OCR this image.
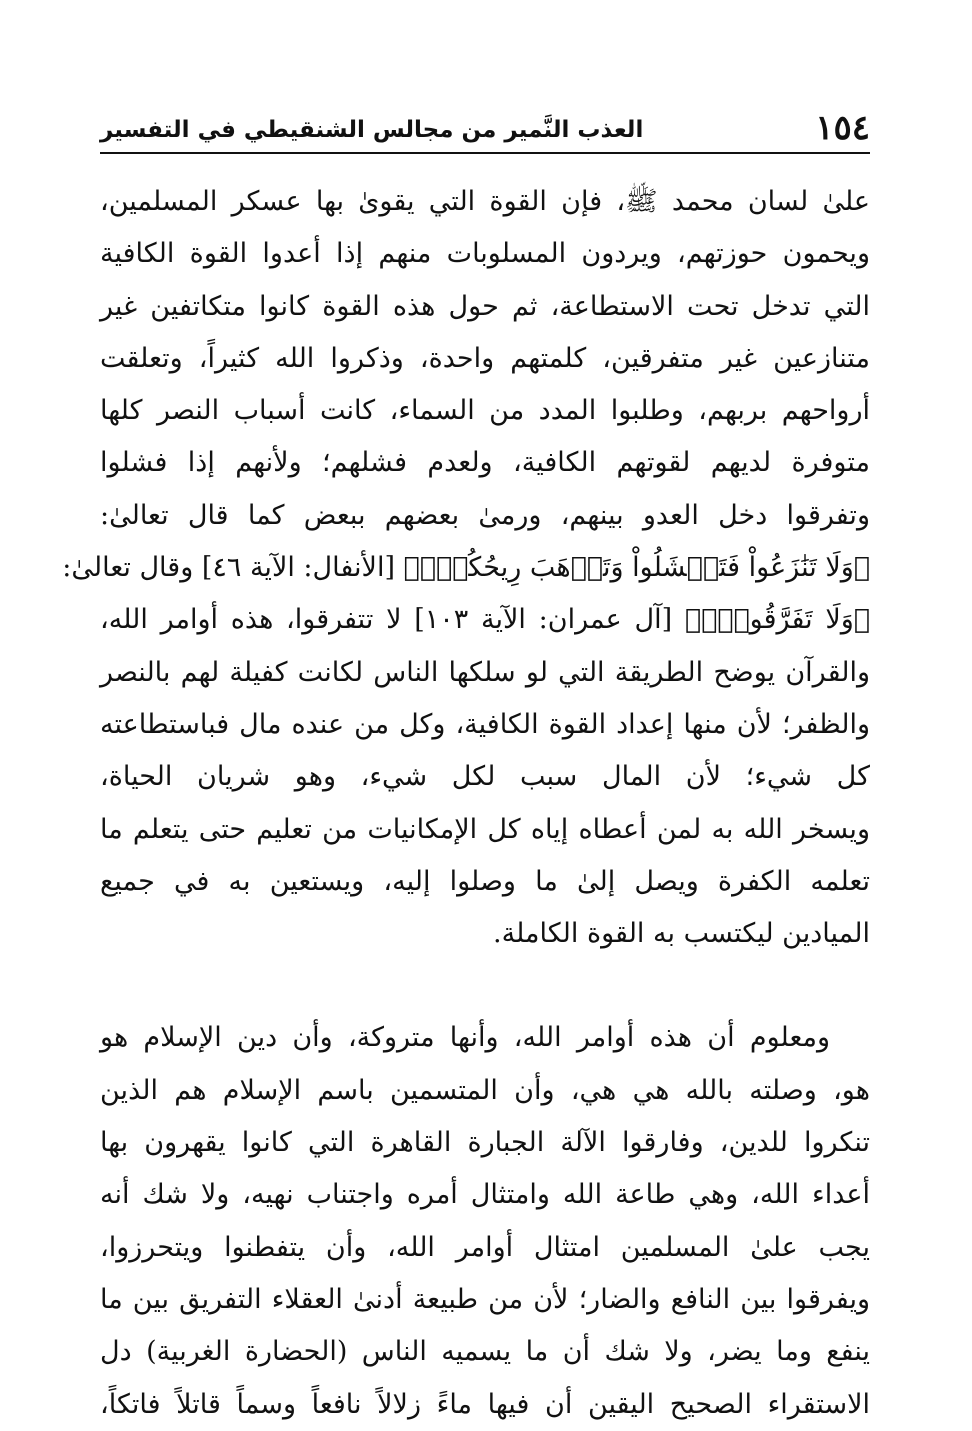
١٥٤
العذب النَّمير من مجالس الشنقيطي في التفسير
علىٰ لسان محمد ﷺ، فإن القوة التي يقوىٰ بها عسكر المسلمين،
ويحمون حوزتهم، ويردون المسلوبات منهم إذا أعدوا القوة الكافية
التي تدخل تحت الاستطاعة، ثم حول هذه القوة كانوا متكاتفين غير
متنازعين غير متفرقين، كلمتهم واحدة، وذكروا الله كثيراً، وتعلقت
أرواحهم بربهم، وطلبوا المدد من السماء، كانت أسباب النصر كلها
متوفرة لديهم لقوتهم الكافية، ولعدم فشلهم؛ ولأنهم إذا فشلوا
وتفرقوا دخل العدو بينهم، ورمىٰ بعضهم ببعض كما قال تعالىٰ:
﴿وَلَا تَنَٰزَعُواْ فَتَفۡشَلُواْ وَتَذۡهَبَ رِيحُكُمۡۖ﴾ [الأنفال: الآية ٤٦] وقال تعالىٰ:
﴿وَلَا تَفَرَّقُواْۚ﴾ [آل عمران: الآية ١٠٣] لا تتفرقوا، هذه أوامر الله،
والقرآن يوضح الطريقة التي لو سلكها الناس لكانت كفيلة لهم بالنصر
والظفر؛ لأن منها إعداد القوة الكافية، وكل من عنده مال فباستطاعته
كل شيء؛ لأن المال سبب لكل شيء، وهو شريان الحياة،
ويسخر الله به لمن أعطاه إياه كل الإمكانيات من تعليم حتى يتعلم ما
تعلمه الكفرة ويصل إلىٰ ما وصلوا إليه، ويستعين به في جميع
الميادين ليكتسب به القوة الكاملة.
ومعلوم أن هذه أوامر الله، وأنها متروكة، وأن دين الإسلام هو
هو، وصلته بالله هي هي، وأن المتسمين باسم الإسلام هم الذين
تنكروا للدين، وفارقوا الآلة الجبارة القاهرة التي كانوا يقهرون بها
أعداء الله، وهي طاعة الله وامتثال أمره واجتناب نهيه، ولا شك أنه
يجب علىٰ المسلمين امتثال أوامر الله، وأن يتفطنوا ويتحرزوا،
ويفرقوا بين النافع والضار؛ لأن من طبيعة أدنىٰ العقلاء التفريق بين ما
ينفع وما يضر، ولا شك أن ما يسميه الناس (الحضارة الغربية) دل
الاستقراء الصحيح اليقين أن فيها ماءً زلالاً نافعاً وسماً قاتلاً فاتكاً،
